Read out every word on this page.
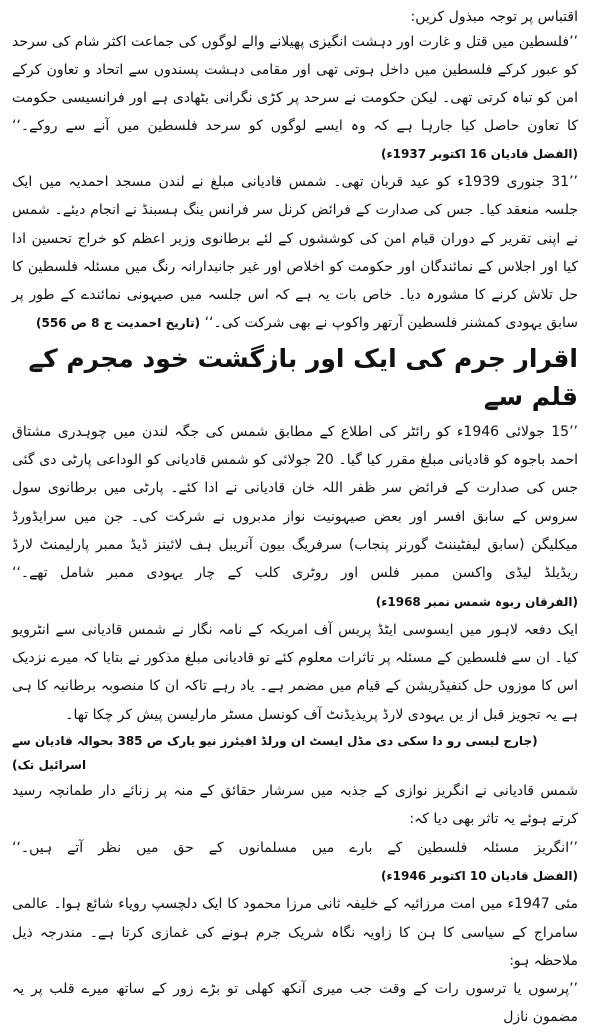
اقتباس پر توجہ مبذول کریں:

’’فلسطین میں قتل و غارت اور دہشت انگیزی پھیلانے والے لوگوں کی جماعت اکثر شام کی سرحد کو عبور کرکے فلسطین میں داخل ہوتی تھی اور مقامی دہشت پسندوں سے اتحاد و تعاون کرکے امن کو تباہ کرتی تھی۔ لیکن حکومت نے سرحد پر کڑی نگرانی بٹھادی ہے اور فرانسیسی حکومت کا تعاون حاصل کیا جارہا ہے کہ وہ ایسے لوگوں کو سرحد فلسطین میں آنے سے روکے۔‘‘ (الفضل قادیان 16 اکتوبر 1937ء)

’’31 جنوری 1939ء کو عید قربان تھی۔ شمس قادیانی مبلغ نے لندن مسجد احمدیہ میں ایک جلسہ منعقد کیا۔ جس کی صدارت کے فرائض کرنل سر فرانس ینگ ہسبنڈ نے انجام دیئے۔ شمس نے اپنی تقریر کے دوران قیام امن کی کوششوں کے لئے برطانوی وزیر اعظم کو خراج تحسین ادا کیا اور اجلاس کے نمائندگان اور حکومت کو اخلاص اور غیر جانبدارانہ رنگ میں مسئلہ فلسطین کا حل تلاش کرنے کا مشورہ دیا۔ خاص بات یہ ہے کہ اس جلسہ میں صیہونی نمائندے کے طور پر سابق یہودی کمشنر فلسطین آرتھر واکوپ نے بھی شرکت کی۔‘‘ (تاریخ احمدیت ج 8 ص 556)

اقرار جرم کی ایک اور بازگشت خود مجرم کے قلم سے

’’15 جولائی 1946ء کو رائٹر کی اطلاع کے مطابق شمس کی جگہ لندن میں چوہدری مشتاق احمد باجوہ کو قادیانی مبلغ مقرر کیا گیا۔ 20 جولائی کو شمس قادیانی کو الوداعی پارٹی دی گئی جس کی صدارت کے فرائض سر ظفر اللہ خان قادیانی نے ادا کئے۔ پارٹی میں برطانوی سول سروس کے سابق افسر اور بعض صیہونیت نواز مدبروں نے شرکت کی۔ جن میں سرایڈورڈ میکلیگن (سابق لیفٹیننٹ گورنر پنجاب) سرفریگ بیون آنریبل ہف لائینز ڈیڈ ممبر پارلیمنٹ لارڈ ریڈیلڈ لیڈی واکسن ممبر فلس اور روٹری کلب کے چار یہودی ممبر شامل تھے۔‘‘ (الفرقان ربوہ شمس نمبر 1968ء)

ایک دفعہ لاہور میں ایسوسی ایٹڈ پریس آف امریکہ کے نامہ نگار نے شمس قادیانی سے انٹرویو کیا۔ ان سے فلسطین کے مسئلہ پر تاثرات معلوم کئے تو قادیانی مبلغ مذکور نے بتایا کہ میرے نزدیک اس کا موزوں حل کنفیڈریشن کے قیام میں مضمر ہے۔ یاد رہے تاکہ ان کا منصوبہ برطانیہ کا ہی ہے یہ تجویز قبل از یں یہودی لارڈ پریذیڈنٹ آف کونسل مسٹر مارلیسن پیش کر چکا تھا۔

(جارج لیسی رو دا سکی دی مڈل ایسٹ ان ورلڈ افیئرز نیو یارک ص 385 بحوالہ قادیان سے اسرائیل تک)

شمس قادیانی نے انگریز نوازی کے جذبہ میں سرشار حقائق کے منہ پر زنائے دار طمانچہ رسید کرتے ہوئے یہ تاثر بھی دیا کہ:

’’انگریز مسئلہ فلسطین کے بارے میں مسلمانوں کے حق میں نظر آتے ہیں۔‘‘ (الفضل قادیان 10 اکتوبر 1946ء)

مئی 1947ء میں امت مرزائیہ کے خلیفہ ثانی مرزا محمود کا ایک دلچسپ رویاء شائع ہوا۔ عالمی سامراج کے سیاسی کا ہن کا زاویہ نگاہ شریک جرم ہونے کی غمازی کرتا ہے۔ مندرجہ ذیل ملاحظہ ہو:

’’پرسوں یا ترسوں رات کے وقت جب میری آنکھ کھلی تو بڑے زور کے ساتھ میرے قلب پر یہ مضمون نازل
